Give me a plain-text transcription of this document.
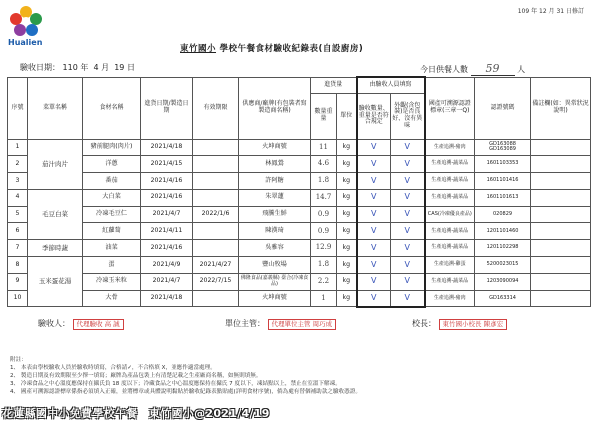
Hualien
109 年 12 月 31 日修訂
東竹國小 學校午餐食材驗收紀錄表(自設廚房)
驗收日期： 110 年 4 月 19 日	今日供餐人數 59 人
序號	菜單名稱	食材名稱	進貨日期/製造日期	有效期限	供應商/廠牌(有包裝者寫製造商名稱)	進貨量		由驗收人員填寫		國產可溯源認證標章(三章一Q)	認證號碼	備註欄(如：異常狀況說明)
						數量重量	單位	驗收數量、重量是否符合規定	外觀(含包裝)是否良好、沒有異味			
1	茄汁肉片	豬前腿肉(肉片)	2021/4/18		火坤商號	11	kg	V	V	生產追溯-豬肉	GD163088 GD163089	
2		洋蔥	2021/4/15		林鳳鶯	4.6	kg	V	V	生產追溯-蔬菜品	1601103353	
3		番茄	2021/4/16		許阿糖	1.8	kg	V	V	生產追溯-蔬菜品	1601101416	
4	毛豆白菜	大白菜	2021/4/16		朱翠蓮	14.7	kg	V	V	生產追溯-蔬菜品	1601101613	
5		冷凍毛豆仁	2021/4/7	2022/1/6	飛騰生鮮	0.9	kg	V	V	CAS(冷凍優良產品)	020829	
6		紅蘿蔔	2021/4/11		陳漢琦	0.9	kg	V	V	生產追溯-蔬菜品	1201101460	
7	季節時蔬	油菜	2021/4/16		吳雅容	12.9	kg	V	V	生產追溯-蔬菜品	1201102298	
8	玉米蛋花湯	蛋	2021/4/9	2021/4/27	豐山牧場	1.8	kg	V	V	生產追溯-雞蛋	5200023015	
9		冷凍玉米粒	2021/4/7	2022/7/15	佛隆食品(嘉義縣) 臺合(冷凍食品)	2.2	kg	V	V	生產追溯-蔬菜品	1203090094	
10		大骨	2021/4/18		火坤商號	1	kg	V	V	生產追溯-豬肉	GD163314	
驗收人： 代理驗收 高 誠	單位主管： 代理單位主管 周巧成	校長： 東竹國小校長 陳彥宏
附註：
1、 本表由學校驗收人員於驗收時填寫，合格請✓，不合格填 X，並應作適當處理。
2、 製造日期及有效期限至少擇一填寫；廠牌為產品包裝上有清楚記載之生產廠商名稱，如無則填無。
3、 冷凍食品之中心溫度應保持在攝氏負 18 度以下；冷藏食品之中心溫度應保持在攝氏 7 度以下，凍結點以上，禁止在室溫下解凍。
4、 國產可溯源認證標章係指必須填入正確，並將標章或具體說明黏貼於驗收紀錄表點貼處(詳明食材序號)，倘為處有替個補助款之驗收憑證。
花蓮縣國中小免費學校午餐　東竹國小@2021/4/19
